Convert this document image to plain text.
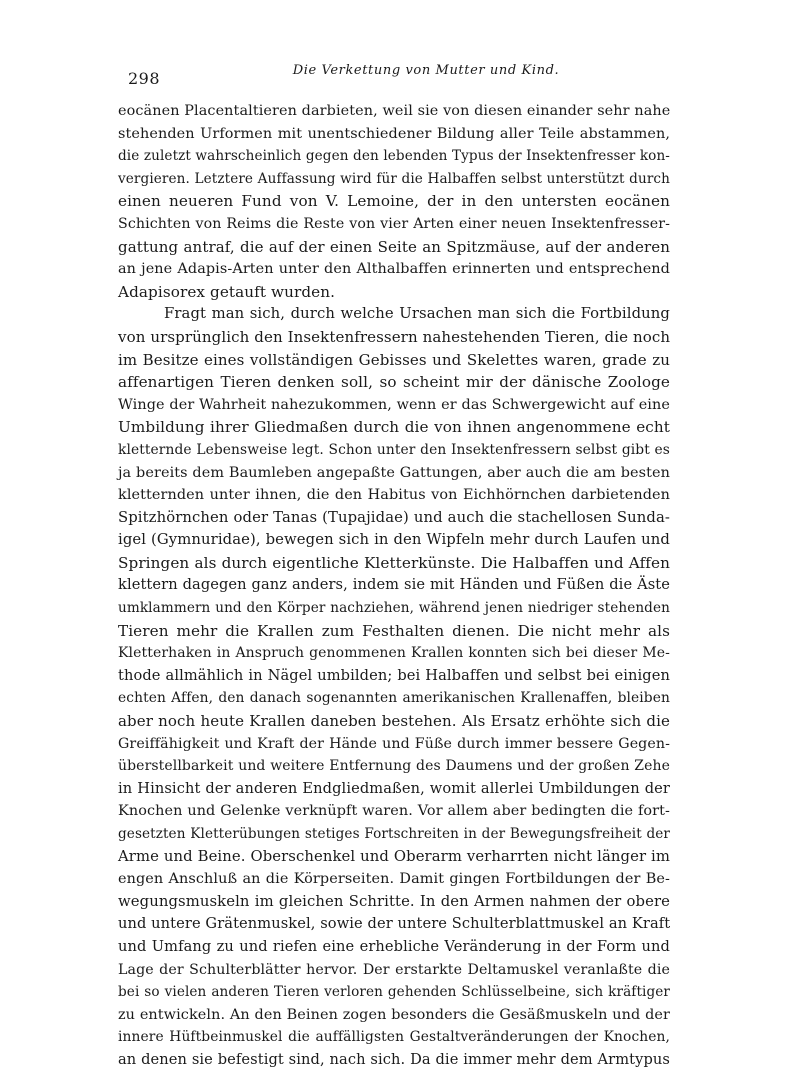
298	Die Verkettung von Mutter und Kind.
eocänen Placentaltieren darbieten, weil sie von diesen einander sehr nahe
stehenden Urformen mit unentschiedener Bildung aller Teile abstammen,
die zuletzt wahrscheinlich gegen den lebenden Typus der Insektenfresser kon-
vergieren. Letztere Auffassung wird für die Halbaffen selbst unterstützt durch
einen neueren Fund von V. Lemoine, der in den untersten eocänen
Schichten von Reims die Reste von vier Arten einer neuen Insektenfresser-
gattung antraf, die auf der einen Seite an Spitzmäuse, auf der anderen
an jene Adapis-Arten unter den Althalbaffen erinnerten und entsprechend
Adapisorex getauft wurden.
Fragt man sich, durch welche Ursachen man sich die Fortbildung
von ursprünglich den Insektenfressern nahestehenden Tieren, die noch
im Besitze eines vollständigen Gebisses und Skelettes waren, grade zu
affenartigen Tieren denken soll, so scheint mir der dänische Zoologe
Winge der Wahrheit nahezukommen, wenn er das Schwergewicht auf eine
Umbildung ihrer Gliedmaßen durch die von ihnen angenommene echt
kletternde Lebensweise legt. Schon unter den Insektenfressern selbst gibt es
ja bereits dem Baumleben angepaßte Gattungen, aber auch die am besten
kletternden unter ihnen, die den Habitus von Eichhörnchen darbietenden
Spitzhörnchen oder Tanas (Tupajidae) und auch die stachellosen Sunda-
igel (Gymnuridae), bewegen sich in den Wipfeln mehr durch Laufen und
Springen als durch eigentliche Kletterkünste. Die Halbaffen und Affen
klettern dagegen ganz anders, indem sie mit Händen und Füßen die Äste
umklammern und den Körper nachziehen, während jenen niedriger stehenden
Tieren mehr die Krallen zum Festhalten dienen. Die nicht mehr als
Kletterhaken in Anspruch genommenen Krallen konnten sich bei dieser Me-
thode allmählich in Nägel umbilden; bei Halbaffen und selbst bei einigen
echten Affen, den danach sogenannten amerikanischen Krallenaffen, bleiben
aber noch heute Krallen daneben bestehen. Als Ersatz erhöhte sich die
Greiffähigkeit und Kraft der Hände und Füße durch immer bessere Gegen-
überstellbarkeit und weitere Entfernung des Daumens und der großen Zehe
in Hinsicht der anderen Endgliedmaßen, womit allerlei Umbildungen der
Knochen und Gelenke verknüpft waren. Vor allem aber bedingten die fort-
gesetzten Kletterübungen stetiges Fortschreiten in der Bewegungsfreiheit der
Arme und Beine. Oberschenkel und Oberarm verharrten nicht länger im
engen Anschluß an die Körperseiten. Damit gingen Fortbildungen der Be-
wegungsmuskeln im gleichen Schritte. In den Armen nahmen der obere
und untere Grätenmuskel, sowie der untere Schulterblattmuskel an Kraft
und Umfang zu und riefen eine erhebliche Veränderung in der Form und
Lage der Schulterblätter hervor. Der erstarkte Deltamuskel veranlaßte die
bei so vielen anderen Tieren verloren gehenden Schlüsselbeine, sich kräftiger
zu entwickeln. An den Beinen zogen besonders die Gesäßmuskeln und der
innere Hüftbeinmuskel die auffälligsten Gestaltveränderungen der Knochen,
an denen sie befestigt sind, nach sich. Da die immer mehr dem Armtypus
